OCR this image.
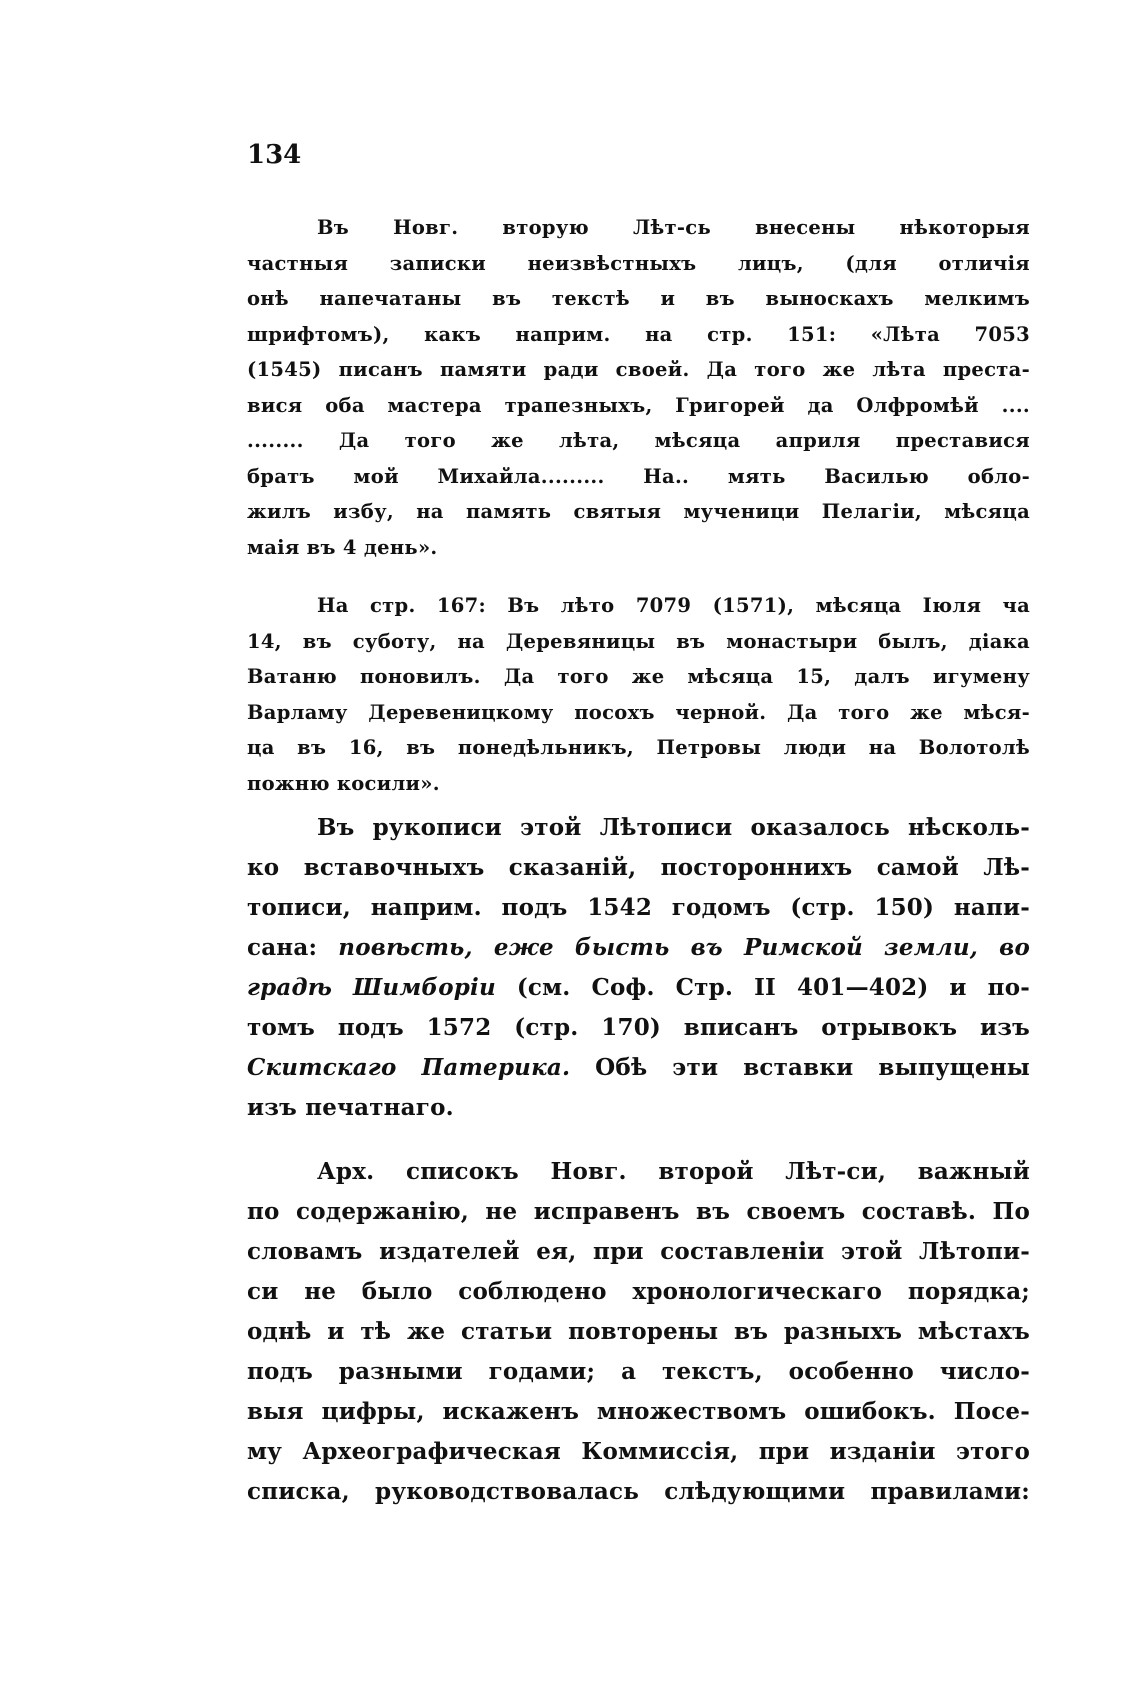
134
Въ Новг. вторую Лѣт-сь внесены нѣкоторыя
частныя записки неизвѣстныхъ лицъ, (для отличія
онѣ напечатаны въ текстѣ и въ выноскахъ мелкимъ
шрифтомъ), какъ наприм. на стр. 151: «Лѣта 7053
(1545) писанъ памяти ради своей. Да того же лѣта преста-
вися оба мастера трапезныхъ, Григорей да Олфромѣй ....
........ Да того же лѣта, мѣсяца априля преставися
братъ мой Михайла......... На.. мять Василью обло-
жилъ избу, на память святыя мученици Пелагіи, мѣсяца
маія въ 4 день».
На стр. 167: Въ лѣто 7079 (1571), мѣсяца Іюля ча
14, въ суботу, на Деревяницы въ монастыри былъ, діака
Ватаню поновилъ. Да того же мѣсяца 15, далъ игумену
Варламу Деревеницкому посохъ черной. Да того же мѣся-
ца въ 16, въ понедѣльникъ, Петровы люди на Волотолѣ
пожню косили».
Въ рукописи этой Лѣтописи оказалось нѣсколь-
ко вставочныхъ сказаній, постороннихъ самой Лѣ-
тописи, наприм. подъ 1542 годомъ (стр. 150) напи-
сана: повѣсть, еже бысть въ Римской земли, во
градѣ Шимборіи (см. Соф. Стр. II 401—402) и по-
томъ подъ 1572 (стр. 170) вписанъ отрывокъ изъ
Скитскаго Патерика. Обѣ эти вставки выпущены
изъ печатнаго.
Арх. списокъ Новг. второй Лѣт-си, важный
по содержанію, не исправенъ въ своемъ составѣ. По
словамъ издателей ея, при составленіи этой Лѣтопи-
си не было соблюдено хронологическаго порядка;
однѣ и тѣ же статьи повторены въ разныхъ мѣстахъ
подъ разными годами; а текстъ, особенно число-
выя цифры, искаженъ множествомъ ошибокъ. Посе-
му Археографическая Коммиссія, при изданіи этого
списка, руководствовалась слѣдующими правилами:
